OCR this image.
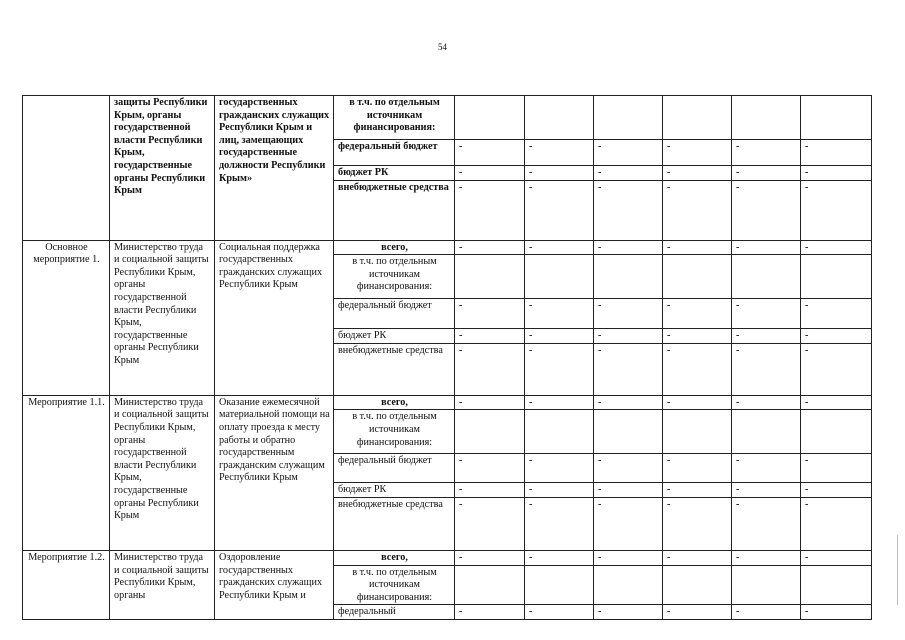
54
	защиты Республики Крым, органы государственной власти Республики Крым, государственные органы Республики Крым	государственных гражданских служащих Республики Крым и лиц, замещающих государственные должности Республики Крым»	в т.ч. по отдельным источникам финансирования:						
			федеральный бюджет	-	-	-	-	-	-
			бюджет РК	-	-	-	-	-	-
			внебюджетные средства	-	-	-	-	-	-
Основное мероприятие 1.	Министерство труда и социальной защиты Республики Крым, органы государственной власти Республики Крым, государственные органы Республики Крым	Социальная поддержка государственных гражданских служащих Республики Крым	всего,	-	-	-	-	-	-
			в т.ч. по отдельным источникам финансирования:						
			федеральный бюджет	-	-	-	-	-	-
			бюджет РК	-	-	-	-	-	-
			внебюджетные средства	-	-	-	-	-	-
Мероприятие 1.1.	Министерство труда и социальной защиты Республики Крым, органы государственной власти Республики Крым, государственные органы Республики Крым	Оказание ежемесячной материальной помощи на оплату проезда к месту работы и обратно государственным гражданским служащим Республики Крым	всего,	-	-	-	-	-	-
			в т.ч. по отдельным источникам финансирования:						
			федеральный бюджет	-	-	-	-	-	-
			бюджет РК	-	-	-	-	-	-
			внебюджетные средства	-	-	-	-	-	-
Мероприятие 1.2.	Министерство труда и социальной защиты Республики Крым, органы	Оздоровление государственных гражданских служащих Республики Крым и	всего,	-	-	-	-	-	-
			в т.ч. по отдельным источникам финансирования:						
			федеральный	-	-	-	-	-	-
